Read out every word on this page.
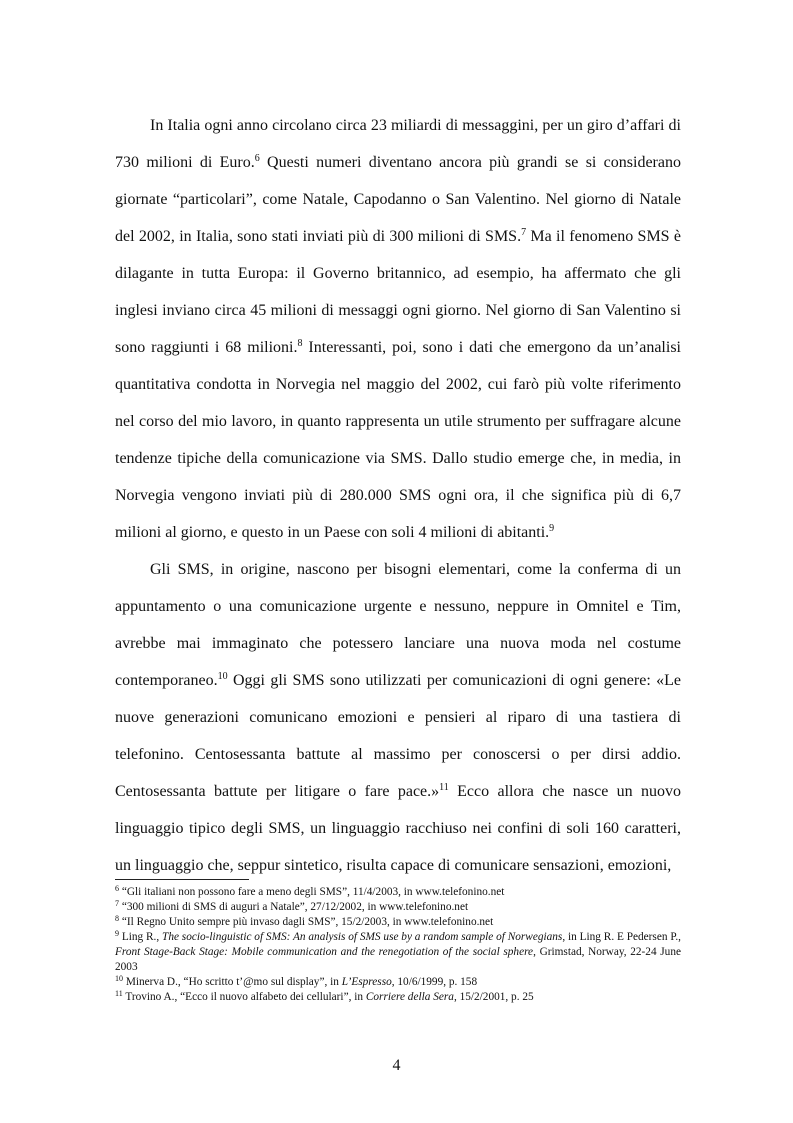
In Italia ogni anno circolano circa 23 miliardi di messaggini, per un giro d’affari di 730 milioni di Euro.$^6$ Questi numeri diventano ancora più grandi se si considerano giornate “particolari”, come Natale, Capodanno o San Valentino. Nel giorno di Natale del 2002, in Italia, sono stati inviati più di 300 milioni di SMS.$^7$ Ma il fenomeno SMS è dilagante in tutta Europa: il Governo britannico, ad esempio, ha affermato che gli inglesi inviano circa 45 milioni di messaggi ogni giorno. Nel giorno di San Valentino si sono raggiunti i 68 milioni.$^8$ Interessanti, poi, sono i dati che emergono da un’analisi quantitativa condotta in Norvegia nel maggio del 2002, cui farò più volte riferimento nel corso del mio lavoro, in quanto rappresenta un utile strumento per suffragare alcune tendenze tipiche della comunicazione via SMS. Dallo studio emerge che, in media, in Norvegia vengono inviati più di 280.000 SMS ogni ora, il che significa più di 6,7 milioni al giorno, e questo in un Paese con soli 4 milioni di abitanti.$^9$

Gli SMS, in origine, nascono per bisogni elementari, come la conferma di un appuntamento o una comunicazione urgente e nessuno, neppure in Omnitel e Tim, avrebbe mai immaginato che potessero lanciare una nuova moda nel costume contemporaneo.$^{10}$ Oggi gli SMS sono utilizzati per comunicazioni di ogni genere: «Le nuove generazioni comunicano emozioni e pensieri al riparo di una tastiera di telefonino. Centosessanta battute al massimo per conoscersi o per dirsi addio. Centosessanta battute per litigare o fare pace.»$^{11}$ Ecco allora che nasce un nuovo linguaggio tipico degli SMS, un linguaggio racchiuso nei confini di soli 160 caratteri, un linguaggio che, seppur sintetico, risulta capace di comunicare sensazioni, emozioni,

$^6$ “Gli italiani non possono fare a meno degli SMS”, 11/4/2003, in www.telefonino.net
$^7$ “300 milioni di SMS di auguri a Natale”, 27/12/2002, in www.telefonino.net
$^8$ “Il Regno Unito sempre più invaso dagli SMS”, 15/2/2003, in www.telefonino.net
$^9$ Ling R., The socio-linguistic of SMS: An analysis of SMS use by a random sample of Norwegians, in Ling R. E Pedersen P., Front Stage-Back Stage: Mobile communication and the renegotiation of the social sphere, Grimstad, Norway, 22-24 June 2003
$^{10}$ Minerva D., “Ho scritto t’@mo sul display”, in L’Espresso, 10/6/1999, p. 158
$^{11}$ Trovino A., “Ecco il nuovo alfabeto dei cellulari”, in Corriere della Sera, 15/2/2001, p. 25
4
